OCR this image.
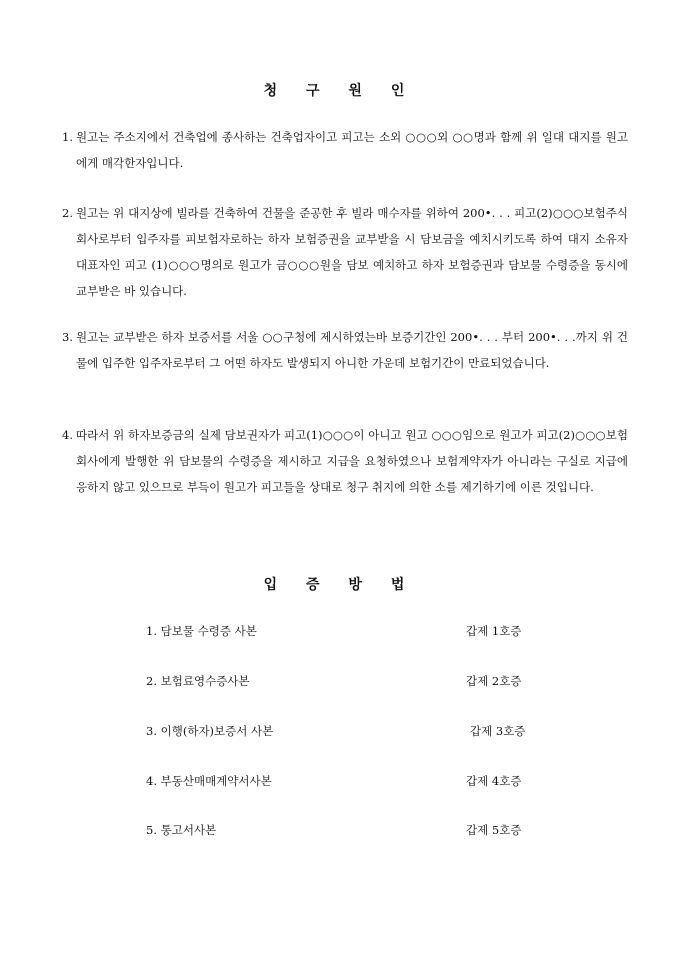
청 구 원 인
1. 원고는 주소지에서 건축업에 종사하는 건축업자이고 피고는 소외 ○○○외 ○○명과 함께 위 일대 대지를 원고에게 매각한자입니다.
2. 원고는 위 대지상에 빌라를 건축하여 건물을 준공한 후 빌라 매수자를 위하여 200•. . . 피고(2)○○○보험주식회사로부터 입주자를 피보험자로하는 하자 보험증권을 교부받을 시 담보금을 예치시키도록 하여 대지 소유자 대표자인 피고 (1)○○○명의로 원고가 금○○○원을 담보 예치하고 하자 보험증권과 담보물 수령증을 동시에 교부받은 바 있습니다.
3. 원고는 교부받은 하자 보증서를 서울 ○○구청에 제시하였는바 보증기간인 200•. . . 부터 200•. . .까지 위 건물에 입주한 입주자로부터 그 어떤 하자도 발생되지 아니한 가운데 보험기간이 만료되었습니다.
4. 따라서 위 하자보증금의 실제 담보권자가 피고(1)○○○이 아니고 원고 ○○○임으로 원고가 피고(2)○○○보험회사에게 발행한 위 담보물의 수령증을 제시하고 지급을 요청하였으나 보험계약자가 아니라는 구실로 지급에 응하지 않고 있으므로 부득이 원고가 피고들을 상대로 청구 취지에 의한 소를 제기하기에 이른 것입니다.
입 증 방 법
1. 담보물 수령증 사본	갑제 1호증
2. 보험료영수증사본	갑제 2호증
3. 이행(하자)보증서 사본	갑제 3호증
4. 부동산매매계약서사본	갑제 4호증
5. 통고서사본	갑제 5호증
